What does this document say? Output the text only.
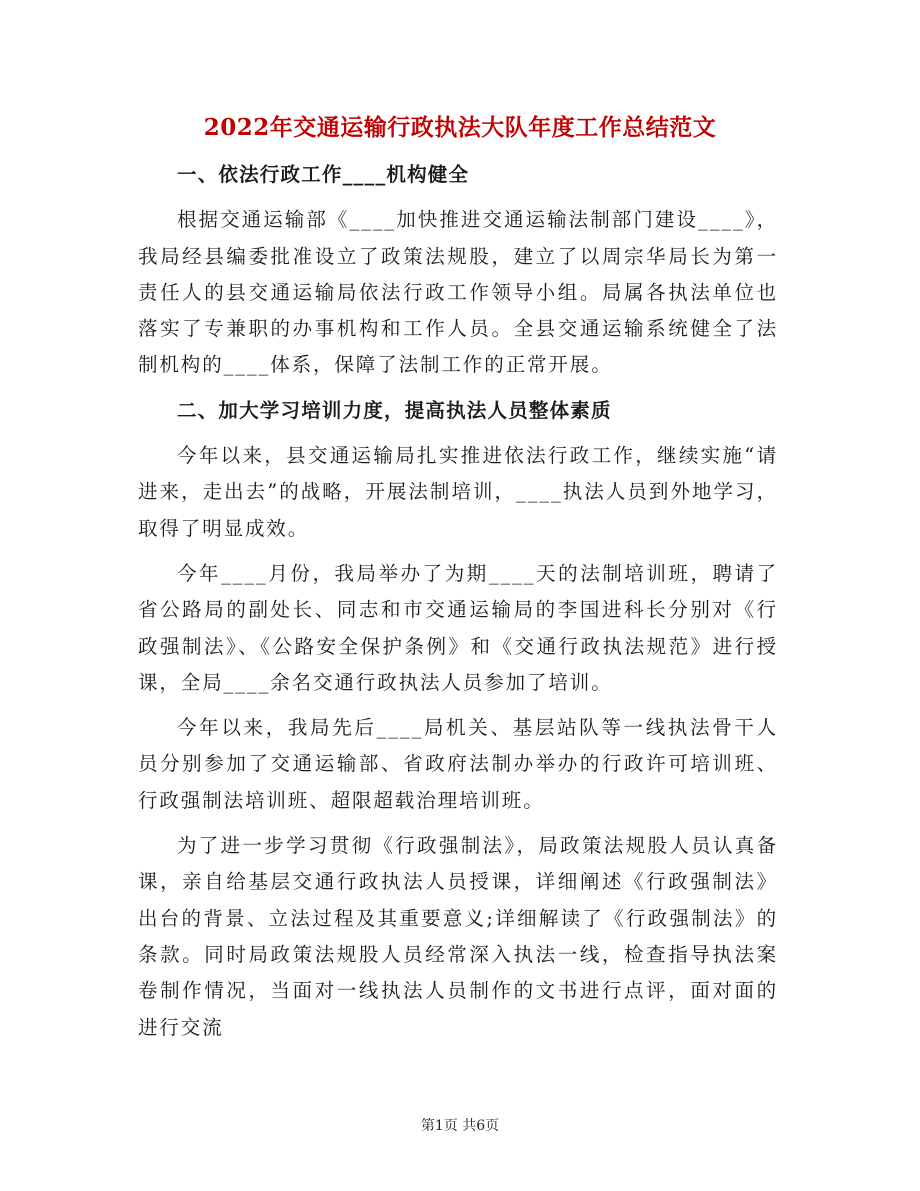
2022年交通运输行政执法大队年度工作总结范文

一、依法行政工作____机构健全

根据交通运输部《____加快推进交通运输法制部门建设____》，我局经县编委批准设立了政策法规股，建立了以周宗华局长为第一责任人的县交通运输局依法行政工作领导小组。局属各执法单位也落实了专兼职的办事机构和工作人员。全县交通运输系统健全了法制机构的____体系，保障了法制工作的正常开展。

二、加大学习培训力度，提高执法人员整体素质

今年以来，县交通运输局扎实推进依法行政工作，继续实施“请进来，走出去”的战略，开展法制培训，____执法人员到外地学习，取得了明显成效。

今年____月份，我局举办了为期____天的法制培训班，聘请了省公路局的副处长、同志和市交通运输局的李国进科长分别对《行政强制法》、《公路安全保护条例》和《交通行政执法规范》进行授课，全局____余名交通行政执法人员参加了培训。

今年以来，我局先后____局机关、基层站队等一线执法骨干人员分别参加了交通运输部、省政府法制办举办的行政许可培训班、行政强制法培训班、超限超载治理培训班。

为了进一步学习贯彻《行政强制法》，局政策法规股人员认真备课，亲自给基层交通行政执法人员授课，详细阐述《行政强制法》出台的背景、立法过程及其重要意义;详细解读了《行政强制法》的条款。同时局政策法规股人员经常深入执法一线，检查指导执法案卷制作情况，当面对一线执法人员制作的文书进行点评，面对面的进行交流

第1页 共6页
